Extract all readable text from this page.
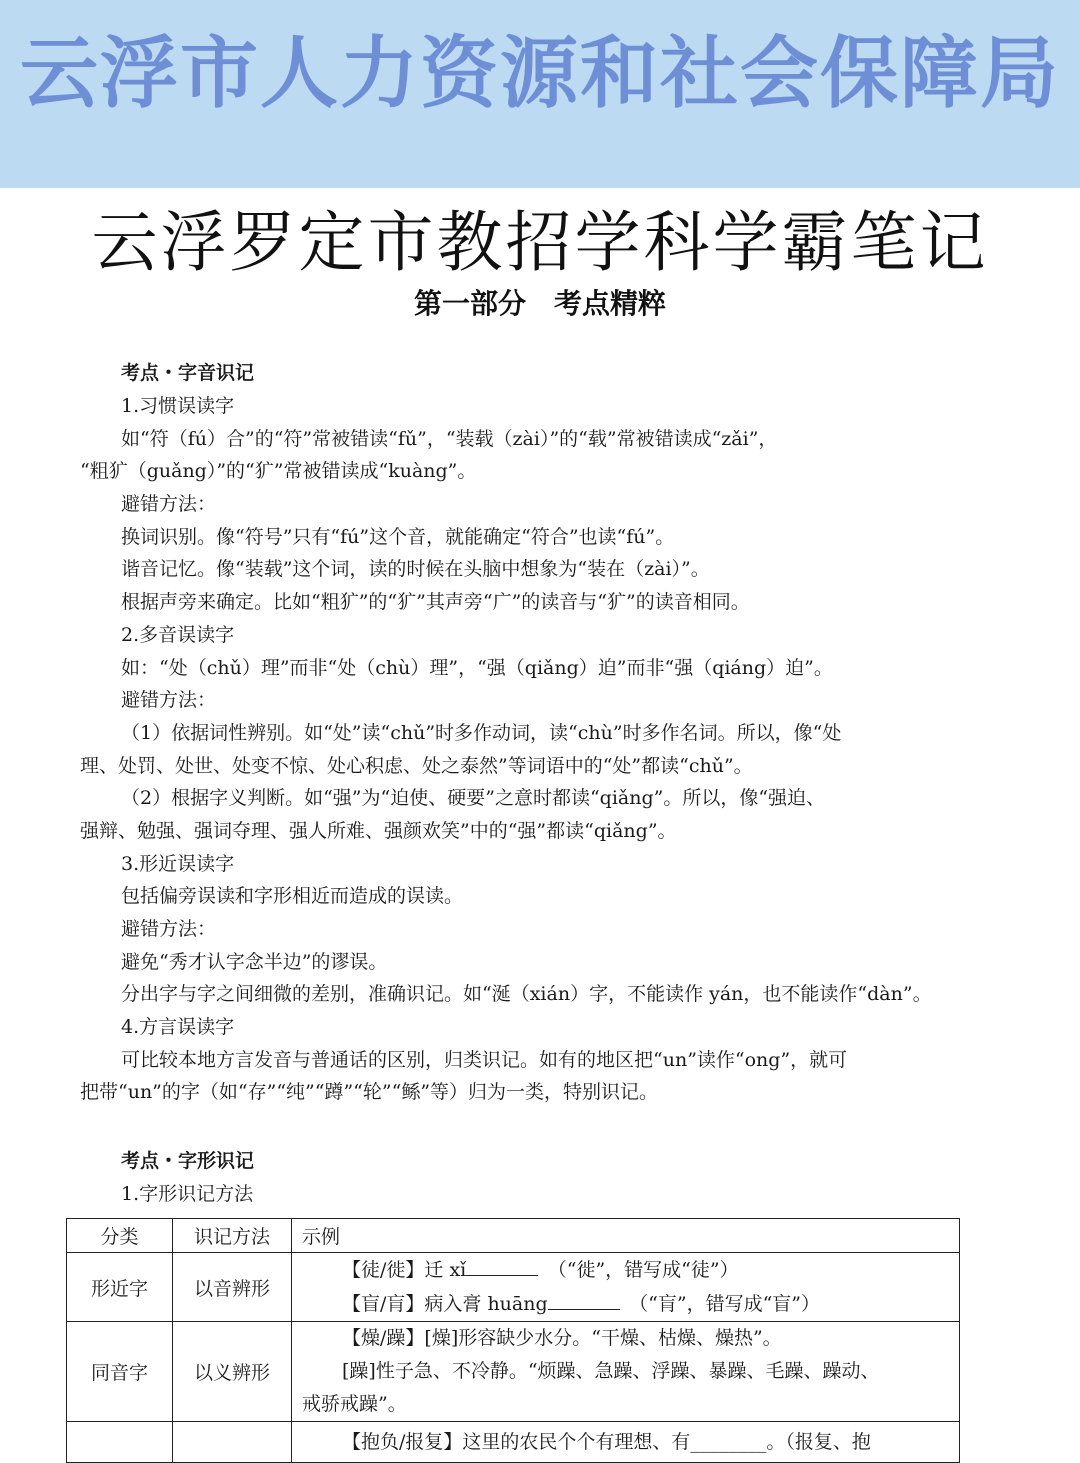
云浮市人力资源和社会保障局
云浮罗定市教招学科学霸笔记
第一部分　考点精粹
考点・字音识记
1.习惯误读字
如“符（fú）合”的“符”常被错读“fǔ”，“装载（zài）”的“载”常被错读成“zǎi”，
“粗犷（guǎng）”的“犷”常被错读成“kuàng”。
避错方法：
换词识别。像“符号”只有“fú”这个音，就能确定“符合”也读“fú”。
谐音记忆。像“装载”这个词，读的时候在头脑中想象为“装在（zài）”。
根据声旁来确定。比如“粗犷”的“犷”其声旁“广”的读音与“犷”的读音相同。
2.多音误读字
如：“处（chǔ）理”而非“处（chù）理”，“强（qiǎng）迫”而非“强（qiáng）迫”。
避错方法：
（1）依据词性辨别。如“处”读“chǔ”时多作动词，读“chù”时多作名词。所以，像“处
理、处罚、处世、处变不惊、处心积虑、处之泰然”等词语中的“处”都读“chǔ”。
（2）根据字义判断。如“强”为“迫使、硬要”之意时都读“qiǎng”。所以，像“强迫、
强辩、勉强、强词夺理、强人所难、强颜欢笑”中的“强”都读“qiǎng”。
3.形近误读字
包括偏旁误读和字形相近而造成的误读。
避错方法：
避免“秀才认字念半边”的谬误。
分出字与字之间细微的差别，准确识记。如“涎（xián）字，不能读作 yán，也不能读作“dàn”。
4.方言误读字
可比较本地方言发音与普通话的区别，归类识记。如有的地区把“un”读作“ong”，就可
把带“un”的字（如“存”“纯”“蹲”“轮”“鲧”等）归为一类，特别识记。
考点・字形识记
1.字形识记方法
分类	识记方法	示例
形近字	以音辨形	【徒/徙】迁 xǐ　 （“徙”，错写成“徒”）
【盲/肓】病入膏 huāng　 （“肓”，错写成“盲”）

同音字	以义辨形	【燥/躁】[燥]形容缺少水分。“干燥、枯燥、燥热”。
[躁]性子急、不冷静。“烦躁、急躁、浮躁、暴躁、毛躁、躁动、
戒骄戒躁”。

		【抱负/报复】这里的农民个个有理想、有________。（报复、抱
